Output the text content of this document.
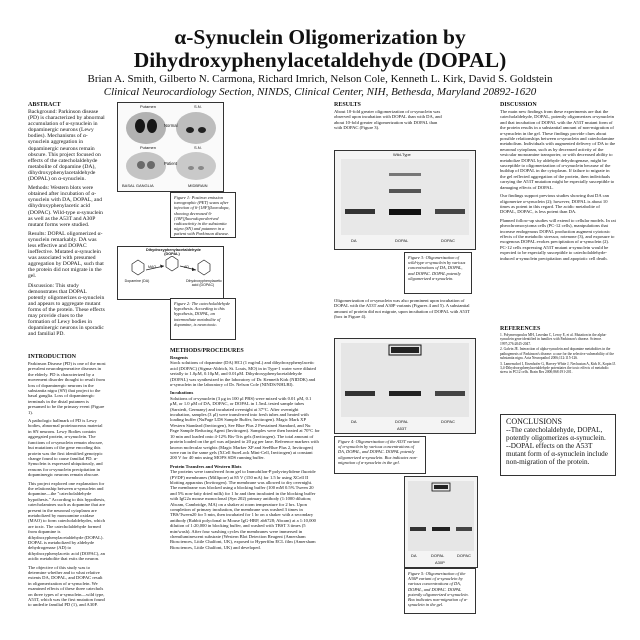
α-Synuclein Oligomerization by
Dihydroxyphenylacetaldehyde (DOPAL)
Brian A. Smith, Gilberto N. Carmona, Richard Imrich, Nelson Cole, Kenneth L. Kirk, David S. Goldstein
Clinical Neurocardiology Section, NINDS, Clinical Center, NIH, Bethesda, Maryland 20892-1620
ABSTRACT

Background: Parkinson disease (PD) is characterized by abnormal accumulation of α-synuclein in dopaminergic neurons (Lewy bodies). Mechanisms of α-synuclein aggregation in dopaminergic neurons remain obscure. This project focused on effects of the catecholaldehyde metabolite of dopamine (DA), dihydroxyphenylacetaldehyde (DOPAL) on α-synuclein.

Methods: Western blots were obtained after incubation of α-synuclein with DA, DOPAL, and dihydroxyphenylacetic acid (DOPAC). Wild-type α-synuclein as well as the A53T and A30P mutant forms were studied.

Results: DOPAL oligomerized α-synuclein remarkably. DA was less effective and DOPAC ineffective. Mutated α-synuclein was associated with presumed aggregation by DOPAL, such that the protein did not migrate in the gel.

Discussion: This study demonstrates that DOPAL potently oligomerizes α-synuclein and appears to aggregate mutant forms of the protein. These effects may provide clues to the formation of Lewy bodies in dopaminergic neurons in sporadic and familial PD.

INTRODUCTION

Parkinson Disease (PD) is one of the most prevalent neurodegenerative diseases in the elderly. PD is characterized by a movement disorder thought to result from loss of dopaminergic neurons in the substantia nigra (SN) that project to the basal ganglia. Loss of dopaminergic terminals in the distal putamen is presumed to be the primary event (Figure 1).

A pathologic hallmark of PD is Lewy bodies, abnormal proteinaceous material in SN neurons. Lewy Bodies contain aggregated protein, α-synuclein. The functions of α-synuclein remain obscure, but mutations of the gene encoding this protein was the first identified genotypic change found to cause familial PD. α-Synuclein is expressed ubiquitously, and reasons for α-synuclein precipitation in dopaminergic neurons remain obscure.

This project explored one explanation for the relationship between α-synuclein and dopamine—the "catecholaldehyde hypothesis." According to this hypothesis, catecholamines such as dopamine that are present in the neuronal cytoplasm are metabolized by monoamine oxidase (MAO) to form catecholaldehydes, which are toxic. The catecholaldehyde formed from dopamine is dihydroxyphenylacetaldehyde (DOPAL). DOPAL is metabolized by aldehyde dehydrogenase (AD) to dihydroxyphenylacetic acid (DOPAC), an acidic metabolite that exits the neuron.

The objective of this study was to determine whether and to what relative extents DA, DOPAL, and DOPAC result in oligomerization of α-synuclein. We examined effects of these three catechols on three types of α-synuclein—wild type, A53T, which was the first mutation found to underlie familial PD (1), and A30P.

Putamen	S.N.
Normal
Putamen	S.N.
Patient
BASAL GANGLIA	MIDBRAIN
Figure 1: Positron emission tomographic (PET) scans after injection of 6-[18F]fluorodopa, showing decreased 6-[18F]fluorodopa-derived radioactivity in the substantia nigra (SN) and putamen in a patient with Parkinson disease.
Dihydroxyphenylacetaldehyde (DOPAL)
MAO	AD
Dopamine (DA)	Dihydroxyphenylacetic acid (DOPAC)
Figure 2: The catecholaldehyde hypothesis. According to this hypothesis, DOPAL, an intermediate metabolite of dopamine, is neurotoxic.
METHODS/PROCEDURES
Reagents

Stock solutions of dopamine (DA) HCl (1 mg/mL) and dihydroxyphenylacetic acid (DOPAC) (Sigma-Aldrich, St. Louis, MO) in in Type-1 water were diluted serially to 1.0μM, 0.10μM, and 0.01μM. Dihydroxyphenylacetaldehyde (DOPAL) was synthesized in the laboratory of Dr. Kenneth Kirk (NIDDK) and α-synuclein in the laboratory of Dr. Nelson Cole (NINDS/NHLBI).

Incubations

Solutions of α-synuclein (3 μg in 100 μl PBS) were mixed with 0.01 μM, 0.1 μM, or 1.0 μM of DA, DOPAC, or DOPAL in 1.5mL tested sample tubes (Sarstedt, Germany) and incubated overnight at 37°C. After overnight incubation, samples (3 μl) were transferred into fresh tubes and heated with loading buffer (NuPage LDS Sample Buffer, Invitrogen). Magic Mark XP Western Standard (Invitrogen), See Blue Plus 2 Prestained Standard, and Nu Page Sample Reducing Agent (Invitrogen). Samples were then heated at 70°C for 10 min and loaded onto 4-12% Bis-Tris gels (Invitrogen). The total amount of protein loaded on the gel was adjusted to 20 μg per lane. Reference markers with known molecular weights (Magic Marker XP and SeeBlue Plus 2, Invitrogen) were run in the same gels (XCell SureLock Mini-Cell, Invitrogen) at constant 200 V for 40 min using MOPS SDS running buffer.

Protein Transfers and Western Blots

The proteins were transferred from gel to Immobilon-P polyvinylidene fluoride (PVDF) membranes (Millipore) at 85 V (150 mA) for 1.5 hr using XCell II blotting apparatus (Invitrogen). The membrane was allowed to dry overnight. The membrane was blocked using a blocking buffer (100 mM 0.5% Tween 20 and 5% non-fatty dried milk) for 1 hr and then incubated in the blocking buffer with IgG2a mouse monoclonal (Syn 202) primary antibody (1:1000 dilution; Abcam, Cambridge, MA) on a shaker at room temperature for 2 hrs. Upon completion of primary incubation, the membrane was washed 3 times in TBS/Tween20 for 5 min, then incubated for 1 hr on a shaker with a secondary antibody (Rabbit polyclonal to Mouse IgG-HRP, ab6728; Abcam) at a 1:10,000 dilution of 1:20,000 in blocking buffer, and washed with TBST 3 times (5 min/wash). After four washing cycles the membranes were immersed in chemiluminescent substrate (Western Blot Detection Reagent (Amersham Biosciences, Little Chalfont, UK), exposed to Hyperfilm ECL film (Amersham Biosciences, Little Chalfont, UK) and developed.

RESULTS

About 10-fold greater oligomerization of α-synuclein was observed upon incubation with DOPAL than with DA, and about 10-fold greater oligomerization with DOPAL than with DOPAC (Figure 3).

Wild-Type
DA	DOPAL	DOPAC
Figure 3: Oligomerization of wild-type α-synuclein by various concentrations of DA, DOPAL, and DOPAC. DOPAL potently oligomerized α-synuclein.

Oligomerization of α-synuclein was also prominent upon incubation of DOPAL with the A53T and A30P variants (Figures 4 and 5). A substantial amount of protein did not migrate, upon incubation of DOPAL with A53T (box in Figure 4).

DA	DOPAL	DOPAC
A53T
Figure 4: Oligomerization of the A53T variant of α-synuclein by various concentrations of DA, DOPAL, and DOPAC. DOPAL potently oligomerized α-synuclein. Box indicates non-migration of α-synuclein in the gel.
DA	DOPAL	DOPAC
A30P
Figure 5: Oligomerization of the A30P variant of α-synuclein by various concentrations of DA, DOPAL, and DOPAC. DOPAL potently oligomerized α-synuclein. Box indicates non-migration of α-synuclein in the gel.
DISCUSSION

The main new findings from these experiments are that the catecholaldehyde, DOPAL, potently oligomerizes α-synuclein and that incubation of DOPAL with the A53T mutant form of the protein results in a substantial amount of non-migration of α-synuclein in the gel. These findings provide clues about possible relationships between α-synuclein and catecholamine metabolism. Individuals with augmented delivery of DA to the neuronal cytoplasm, such as by decreased activity of the vesicular monoamine transporter, or with decreased ability to metabolize DOPAL by aldehyde dehydrogenase, might be susceptible to oligomerization of α-synuclein because of the buildup of DOPAL in the cytoplasm. If failure to migrate in the gel reflected aggregation of the protein, then individuals carrying the A53T mutation might be especially susceptible to damaging effects of DOPAL.

Our findings support previous studies showing that DA can oligomerize α-synuclein (2); however, DOPAL is about 10 times as potent in this regard. The acidic metabolite of DOPAL, DOPAC, is less potent than DA.

Planned follow-up studies will extend to cellular models. In rat pheochromocytoma cells (PC-12 cells), manipulations that increase endogenous DOPAL production augment cytotoxic effects of the metabolic stressor, rotenone (3), and exposure to exogenous DOPAL evokes precipitation of α-synuclein (2). PC-12 cells expressing A53T mutant α-synuclein would be expected to be especially susceptible to catecholaldehyde-induced α-synuclein precipitation and apoptotic cell death.

REFERENCES
1. Polymeropoulos MH, Lavedan C, Leroy E, et al. Mutation in the alpha-synuclein gene identified in families with Parkinson's disease. Science. 1997;276:2045-2047.
2. Galvin JE. Interaction of alpha-synuclein and dopamine metabolites in the pathogenesis of Parkinson's disease: a case for the selective vulnerability of the substantia nigra. Acta Neuropathol 2006;112:115-126.
3. Lamensdorf I, Eisenhofer G, Harvey-White J, Nechustan A, Kirk K, Kopin IJ. 3,4-Dihydroxyphenylacetaldehyde potentiates the toxic effects of metabolic stress in PC12 cells. Brain Res 2000;868:191-201.
CONCLUSIONS
--The catecholaldehyde, DOPAL, potently oligomerizes α-synuclein.
--DOPAL effects on the A53T mutant form of α-synuclein include non-migration of the protein.
